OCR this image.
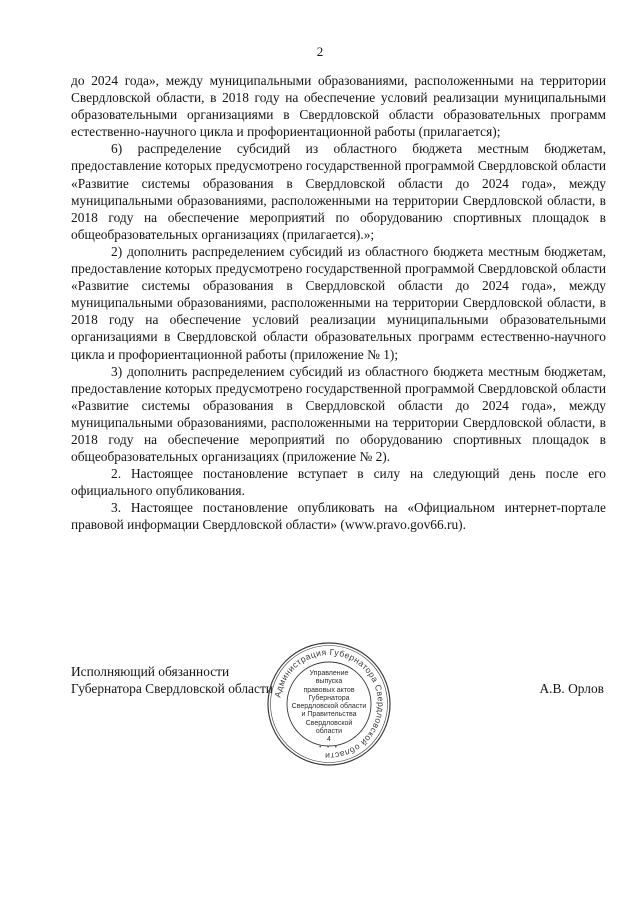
2

до 2024 года», между муниципальными образованиями, расположенными на территории Свердловской области, в 2018 году на обеспечение условий реализации муниципальными образовательными организациями в Свердловской области образовательных программ естественно-научного цикла и профориентационной работы (прилагается);

6) распределение субсидий из областного бюджета местным бюджетам, предоставление которых предусмотрено государственной программой Свердловской области «Развитие системы образования в Свердловской области до 2024 года», между муниципальными образованиями, расположенными на территории Свердловской области, в 2018 году на обеспечение мероприятий по оборудованию спортивных площадок в общеобразовательных организациях (прилагается).»;

2) дополнить распределением субсидий из областного бюджета местным бюджетам, предоставление которых предусмотрено государственной программой Свердловской области «Развитие системы образования в Свердловской области до 2024 года», между муниципальными образованиями, расположенными на территории Свердловской области, в 2018 году на обеспечение условий реализации муниципальными образовательными организациями в Свердловской области образовательных программ естественно-научного цикла и профориентационной работы (приложение № 1);

3) дополнить распределением субсидий из областного бюджета местным бюджетам, предоставление которых предусмотрено государственной программой Свердловской области «Развитие системы образования в Свердловской области до 2024 года», между муниципальными образованиями, расположенными на территории Свердловской области, в 2018 году на обеспечение мероприятий по оборудованию спортивных площадок в общеобразовательных организациях (приложение № 2).

2. Настоящее постановление вступает в силу на следующий день после его официального опубликования.

3. Настоящее постановление опубликовать на «Официальном интернет-портале правовой информации Свердловской области» (www.pravo.gov66.ru).

Исполняющий обязанности

Губернатора Свердловской области	А.В. Орлов

Администрация Губернатора Свердловской области
Управление
выпуска
правовых актов
Губернатора
Свердловской области
и Правительства
Свердловской
области
4
• • •
